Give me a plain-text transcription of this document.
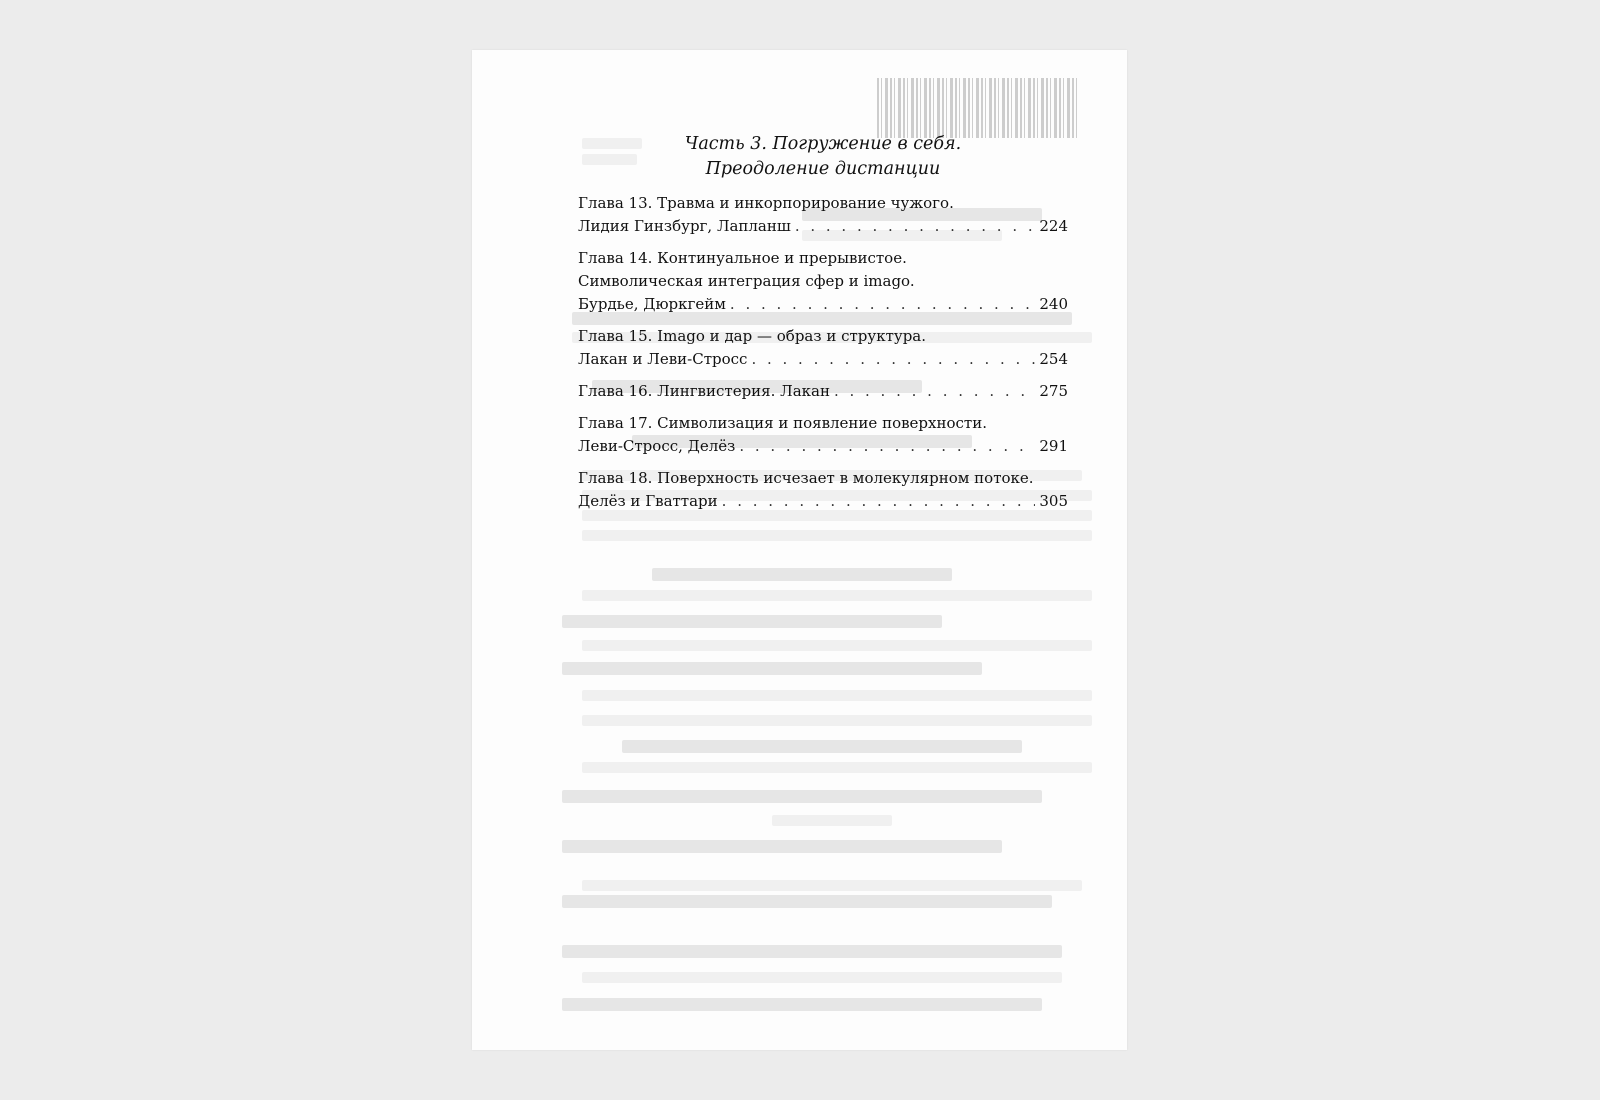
Часть 3. Погружение в себя.
Преодоление дистанции
Глава 13. Травма и инкорпорирование чужого.
Лидия Гинзбург, Лапланш . . .	224
Глава 14. Континуальное и прерывистое.
Символическая интеграция сфер и imago.
Бурдье, Дюркгейм . . .	240
Глава 15. Imago и дар — образ и структура.
Лакан и Леви-Стросс . . .	254
Глава 16. Лингвистерия. Лакан . . .	275
Глава 17. Символизация и появление поверхности.
Леви-Стросс, Делёз . . .	291
Глава 18. Поверхность исчезает в молекулярном потоке.
Делёз и Гваттари . . .	305
